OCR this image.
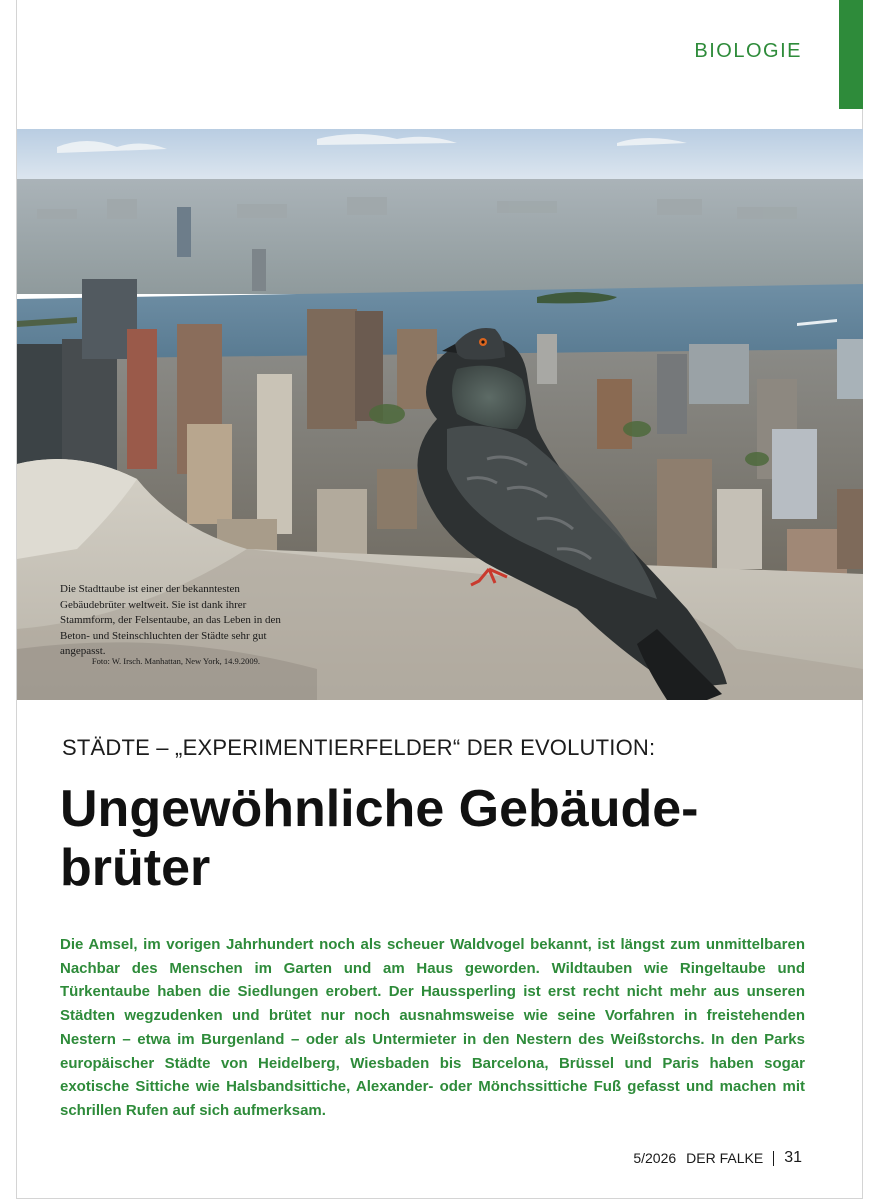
BIOLOGIE

Die Stadttaube ist einer der bekanntesten Gebäudebrüter weltweit. Sie ist dank ihrer Stammform, der Felsentaube, an das Leben in den Beton- und Steinschluchten der Städte sehr gut angepasst.

Foto: W. Irsch. Manhattan, New York, 14.9.2009.
STÄDTE – „EXPERIMENTIERFELDER“ DER EVOLUTION:
Ungewöhnliche Gebäude-
brüter

Die Amsel, im vorigen Jahrhundert noch als scheuer Waldvogel bekannt, ist längst zum unmittelbaren Nachbar des Menschen im Garten und am Haus geworden. Wildtauben wie Ringeltaube und Türkentaube haben die Siedlungen erobert. Der Haussperling ist erst recht nicht mehr aus unseren Städten wegzudenken und brütet nur noch ausnahmsweise wie seine Vorfahren in freistehenden Nestern – etwa im Burgenland – oder als Untermieter in den Nestern des Weißstorchs. In den Parks europäischer Städte von Heidelberg, Wiesbaden bis Barcelona, Brüssel und Paris haben sogar exotische Sittiche wie Halsbandsittiche, Alexander- oder Mönchssittiche Fuß gefasst und machen mit schrillen Rufen auf sich aufmerksam.

5/2026 DER FALKE 31
